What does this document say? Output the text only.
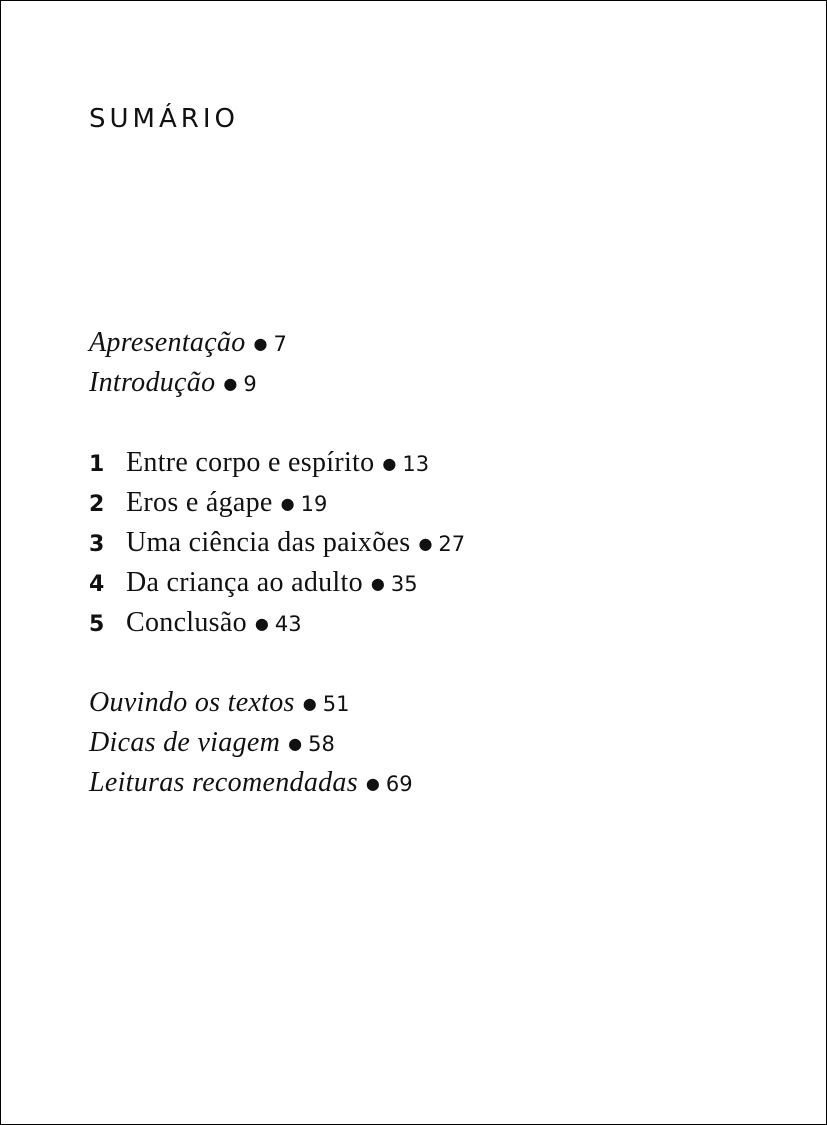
SUMÁRIO
Apresentação ● 7
Introdução ● 9
1 Entre corpo e espírito ● 13
2 Eros e ágape ● 19
3 Uma ciência das paixões ● 27
4 Da criança ao adulto ● 35
5 Conclusão ● 43
Ouvindo os textos ● 51
Dicas de viagem ● 58
Leituras recomendadas ● 69
